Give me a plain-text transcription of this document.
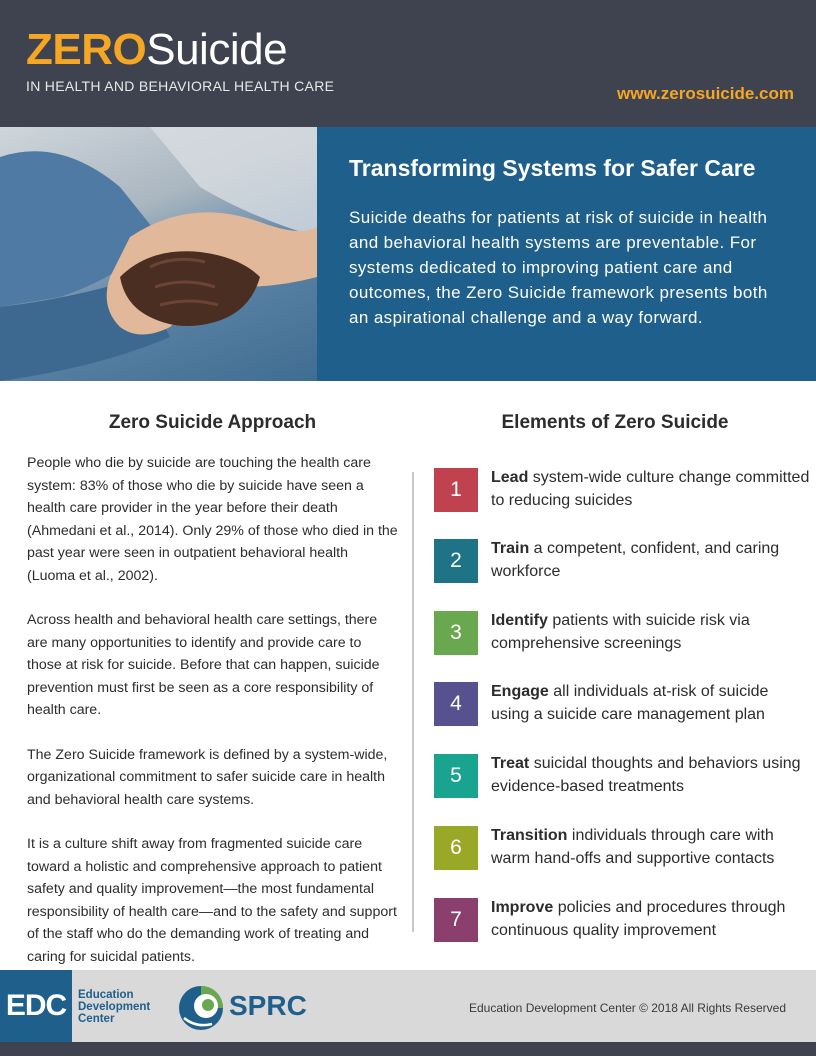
ZEROSuicide
IN HEALTH AND BEHAVIORAL HEALTH CARE	www.zerosuicide.com
Transforming Systems for Safer Care
Suicide deaths for patients at risk of suicide in health and behavioral health systems are preventable. For systems dedicated to improving patient care and outcomes, the Zero Suicide framework presents both an aspirational challenge and a way forward.
Zero Suicide Approach

People who die by suicide are touching the health care system: 83% of those who die by suicide have seen a health care provider in the year before their death (Ahmedani et al., 2014). Only 29% of those who died in the past year were seen in outpatient behavioral health (Luoma et al., 2002).

Across health and behavioral health care settings, there are many opportunities to identify and provide care to those at risk for suicide. Before that can happen, suicide prevention must first be seen as a core responsibility of health care.

The Zero Suicide framework is defined by a system-wide, organizational commitment to safer suicide care in health and behavioral health care systems.

It is a culture shift away from fragmented suicide care toward a holistic and comprehensive approach to patient safety and quality improvement—the most fundamental responsibility of health care—and to the safety and support of the staff who do the demanding work of treating and caring for suicidal patients.

Elements of Zero Suicide
1
Lead system-wide culture change committed to reducing suicides
2
Train a competent, confident, and caring workforce
3
Identify patients with suicide risk via comprehensive screenings
4
Engage all individuals at-risk of suicide using a suicide care management plan
5
Treat suicidal thoughts and behaviors using evidence-based treatments
6
Transition individuals through care with warm hand-offs and supportive contacts
7
Improve policies and procedures through continuous quality improvement
EDC	Education
Development
Center	SPRC	Education Development Center © 2018 All Rights Reserved
